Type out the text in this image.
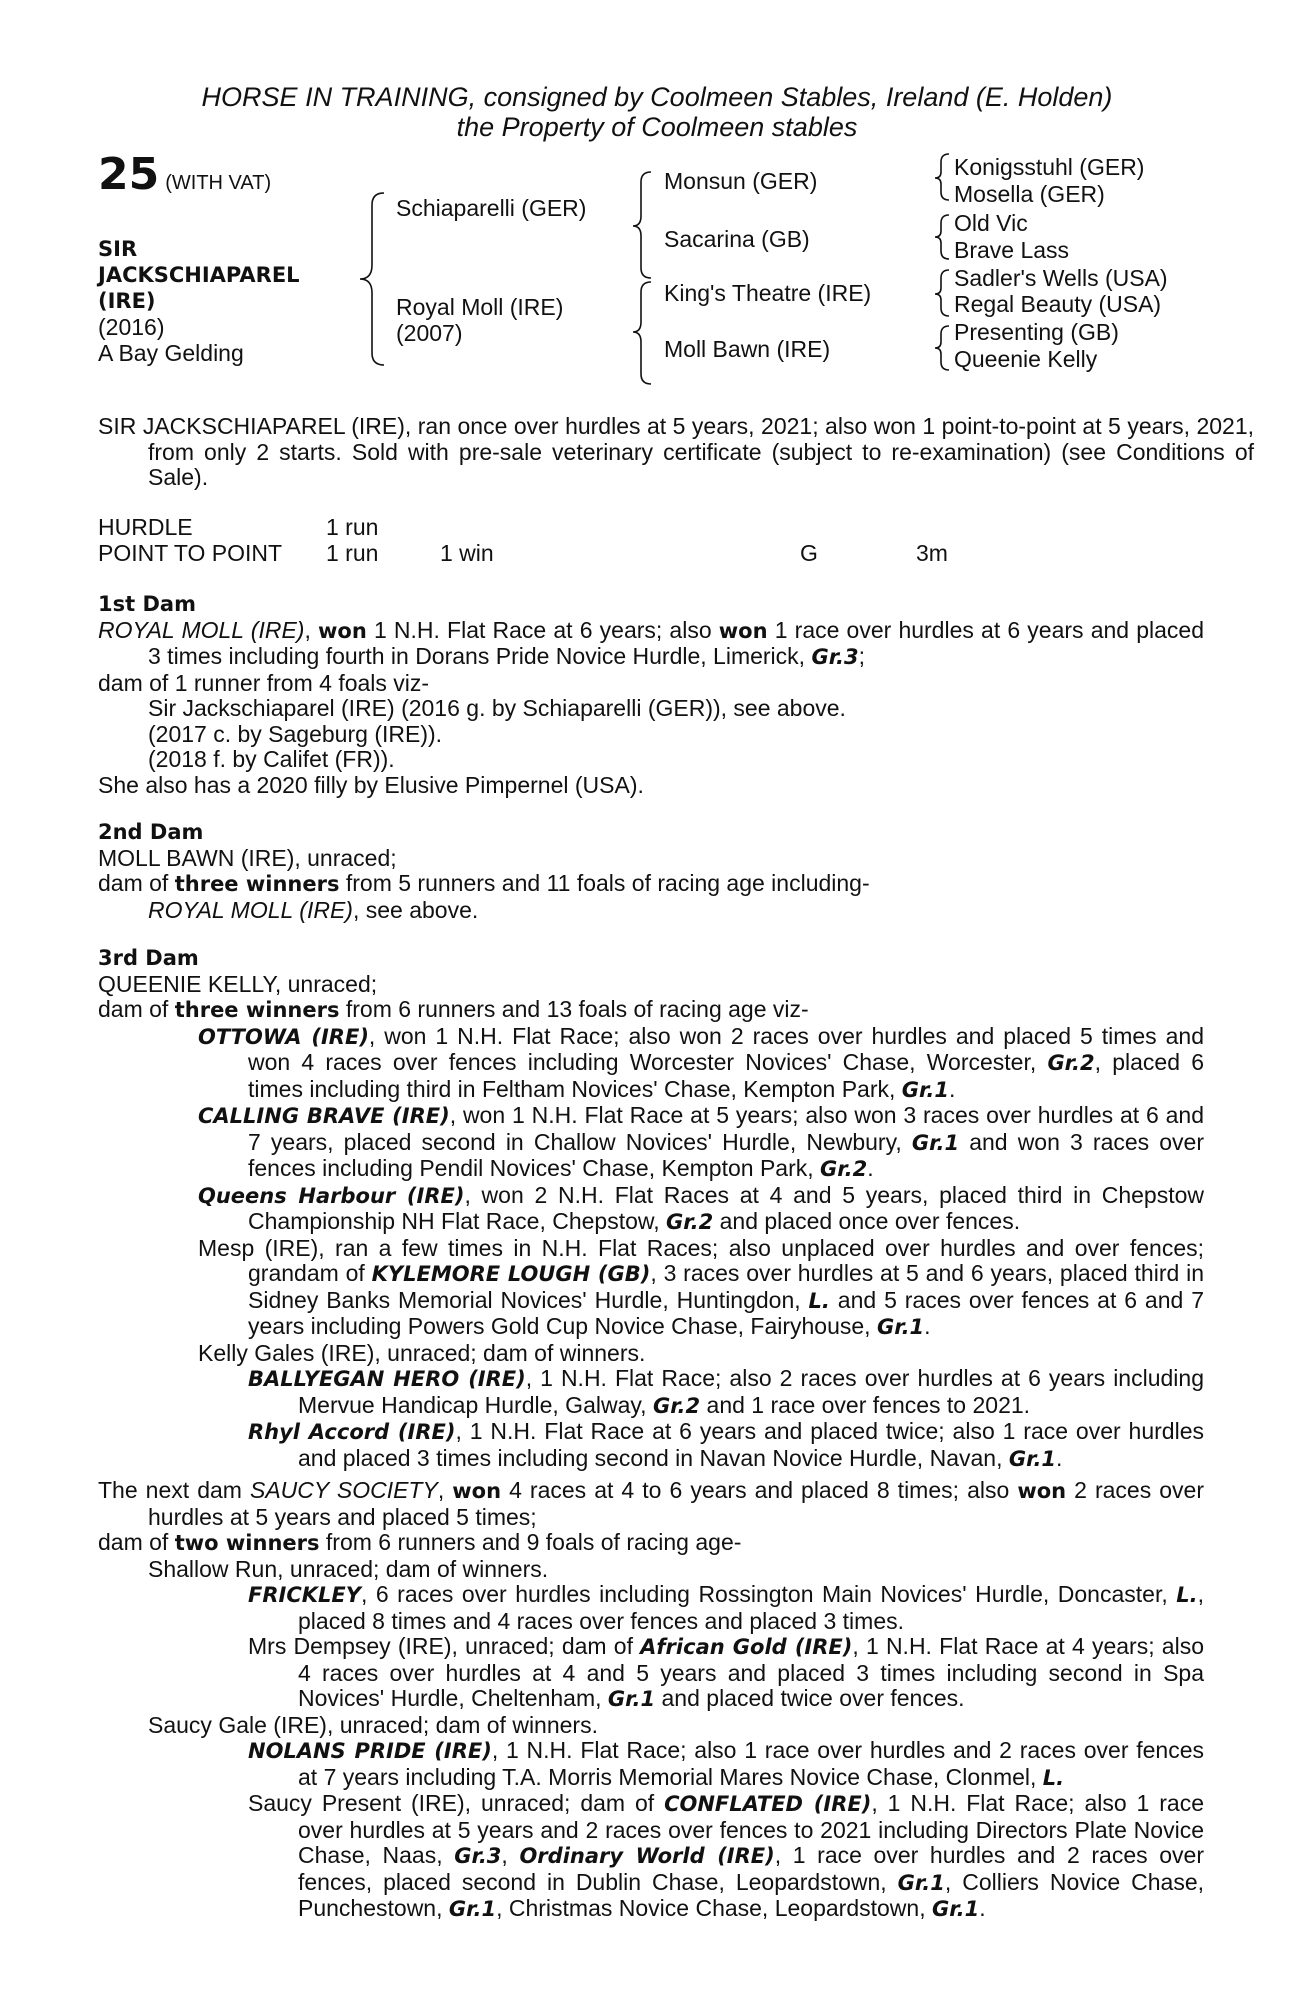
HORSE IN TRAINING, consigned by Coolmeen Stables, Ireland (E. Holden)
the Property of Coolmeen stables
25 (WITH VAT)
SIR
JACKSCHIAPAREL
(IRE)
(2016)
A Bay Gelding
Schiaparelli (GER)
Royal Moll (IRE)
(2007)
Monsun (GER)
Sacarina (GB)
King's Theatre (IRE)
Moll Bawn (IRE)
Konigsstuhl (GER)
Mosella (GER)
Old Vic
Brave Lass
Sadler's Wells (USA)
Regal Beauty (USA)
Presenting (GB)
Queenie Kelly
SIR JACKSCHIAPAREL (IRE), ran once over hurdles at 5 years, 2021; also won 1 point-to-point at 5 years, 2021, from only 2 starts. Sold with pre-sale veterinary certificate (subject to re-examination) (see Conditions of Sale).
HURDLE	1 run
POINT TO POINT 1 run	1 win	G	3m
1st Dam
ROYAL MOLL (IRE), won 1 N.H. Flat Race at 6 years; also won 1 race over hurdles at 6 years and placed 3 times including fourth in Dorans Pride Novice Hurdle, Limerick, Gr.3;
dam of 1 runner from 4 foals viz-
Sir Jackschiaparel (IRE) (2016 g. by Schiaparelli (GER)), see above.
(2017 c. by Sageburg (IRE)).
(2018 f. by Califet (FR)).
She also has a 2020 filly by Elusive Pimpernel (USA).
2nd Dam
MOLL BAWN (IRE), unraced;
dam of three winners from 5 runners and 11 foals of racing age including-
ROYAL MOLL (IRE), see above.
3rd Dam
QUEENIE KELLY, unraced;
dam of three winners from 6 runners and 13 foals of racing age viz-
OTTOWA (IRE), won 1 N.H. Flat Race; also won 2 races over hurdles and placed 5 times and won 4 races over fences including Worcester Novices' Chase, Worcester, Gr.2, placed 6 times including third in Feltham Novices' Chase, Kempton Park, Gr.1.
CALLING BRAVE (IRE), won 1 N.H. Flat Race at 5 years; also won 3 races over hurdles at 6 and 7 years, placed second in Challow Novices' Hurdle, Newbury, Gr.1 and won 3 races over fences including Pendil Novices' Chase, Kempton Park, Gr.2.
Queens Harbour (IRE), won 2 N.H. Flat Races at 4 and 5 years, placed third in Chepstow Championship NH Flat Race, Chepstow, Gr.2 and placed once over fences.
Mesp (IRE), ran a few times in N.H. Flat Races; also unplaced over hurdles and over fences; grandam of KYLEMORE LOUGH (GB), 3 races over hurdles at 5 and 6 years, placed third in Sidney Banks Memorial Novices' Hurdle, Huntingdon, L. and 5 races over fences at 6 and 7 years including Powers Gold Cup Novice Chase, Fairyhouse, Gr.1.
Kelly Gales (IRE), unraced; dam of winners.
BALLYEGAN HERO (IRE), 1 N.H. Flat Race; also 2 races over hurdles at 6 years including Mervue Handicap Hurdle, Galway, Gr.2 and 1 race over fences to 2021.
Rhyl Accord (IRE), 1 N.H. Flat Race at 6 years and placed twice; also 1 race over hurdles and placed 3 times including second in Navan Novice Hurdle, Navan, Gr.1.
The next dam SAUCY SOCIETY, won 4 races at 4 to 6 years and placed 8 times; also won 2 races over hurdles at 5 years and placed 5 times;
dam of two winners from 6 runners and 9 foals of racing age-
Shallow Run, unraced; dam of winners.
FRICKLEY, 6 races over hurdles including Rossington Main Novices' Hurdle, Doncaster, L., placed 8 times and 4 races over fences and placed 3 times.
Mrs Dempsey (IRE), unraced; dam of African Gold (IRE), 1 N.H. Flat Race at 4 years; also 4 races over hurdles at 4 and 5 years and placed 3 times including second in Spa Novices' Hurdle, Cheltenham, Gr.1 and placed twice over fences.
Saucy Gale (IRE), unraced; dam of winners.
NOLANS PRIDE (IRE), 1 N.H. Flat Race; also 1 race over hurdles and 2 races over fences at 7 years including T.A. Morris Memorial Mares Novice Chase, Clonmel, L.
Saucy Present (IRE), unraced; dam of CONFLATED (IRE), 1 N.H. Flat Race; also 1 race over hurdles at 5 years and 2 races over fences to 2021 including Directors Plate Novice Chase, Naas, Gr.3, Ordinary World (IRE), 1 race over hurdles and 2 races over fences, placed second in Dublin Chase, Leopardstown, Gr.1, Colliers Novice Chase, Punchestown, Gr.1, Christmas Novice Chase, Leopardstown, Gr.1.
